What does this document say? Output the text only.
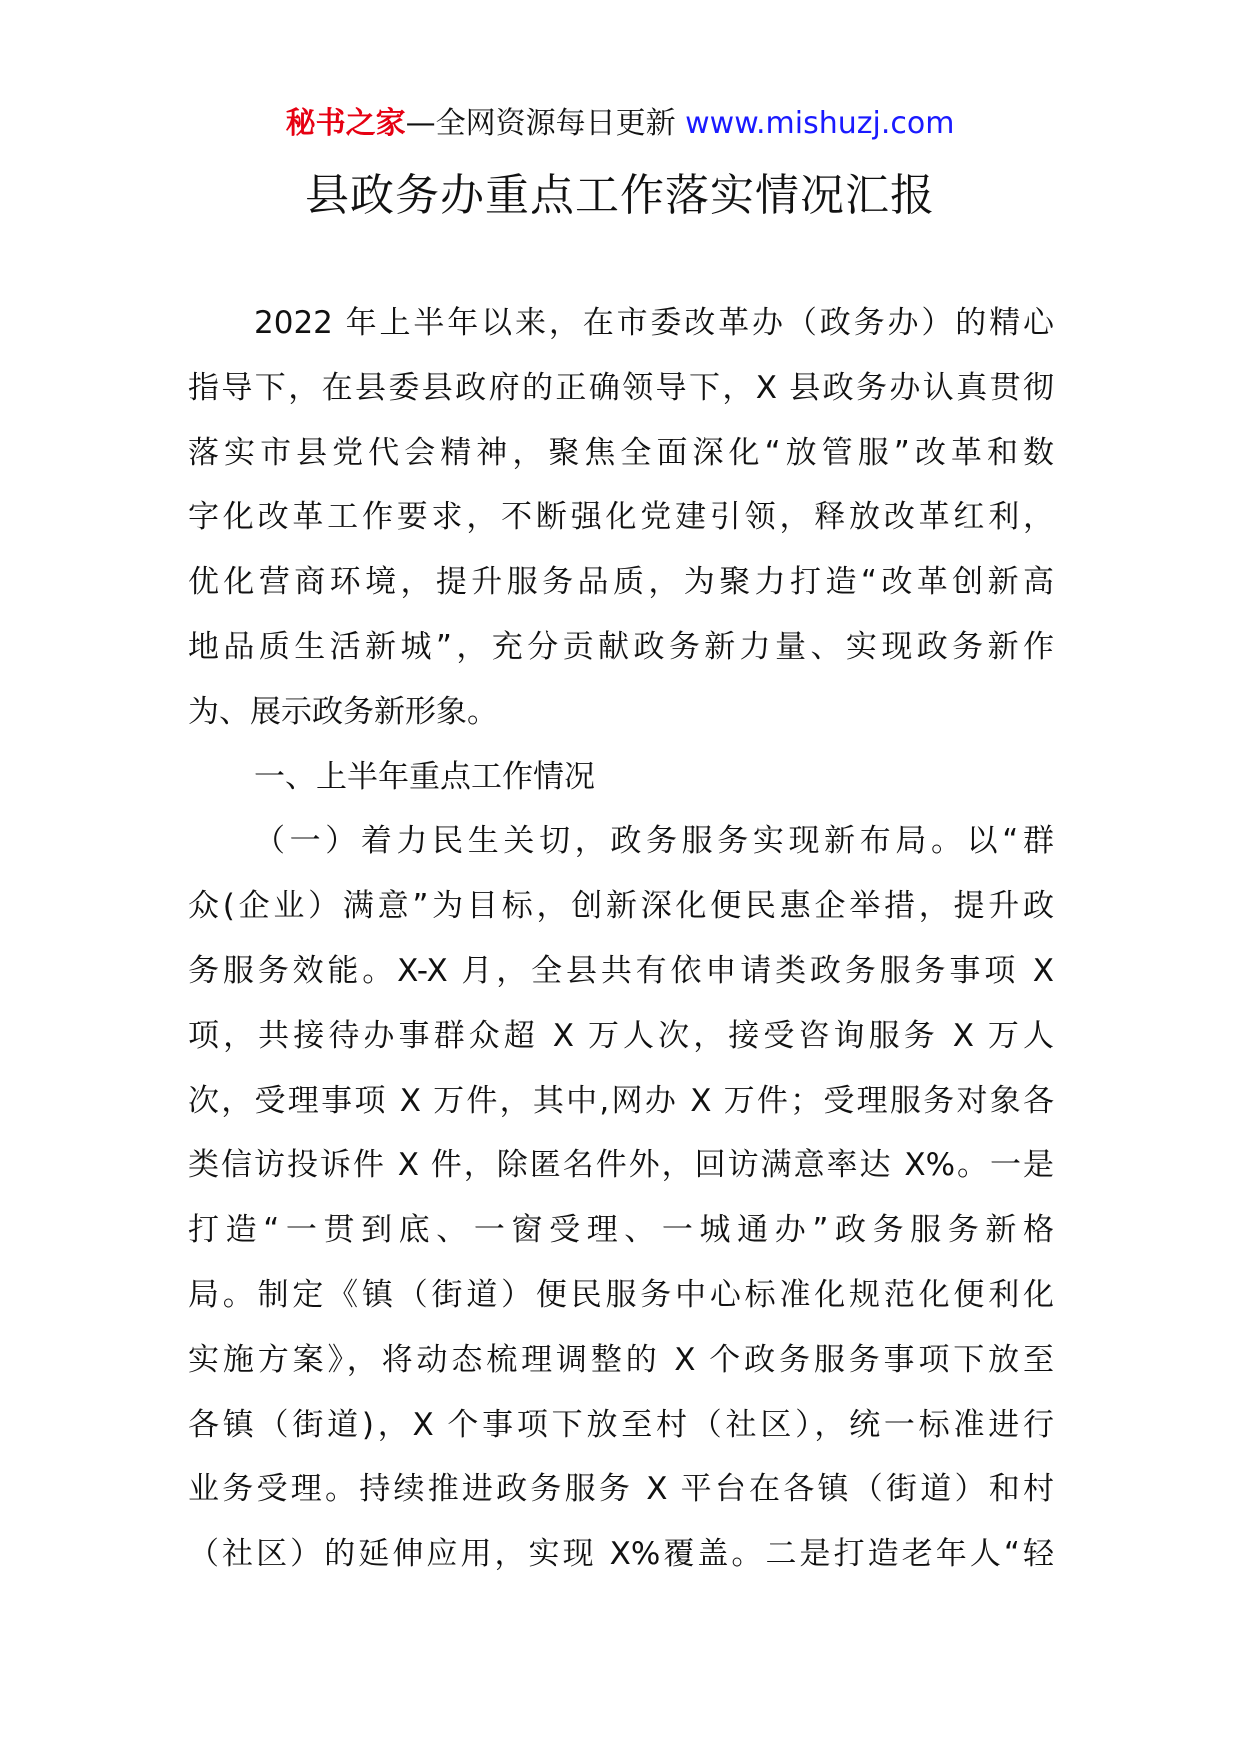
秘书之家—全网资源每日更新 www.mishuzj.com
县政务办重点工作落实情况汇报
2022 年上半年以来，在市委改革办（政务办）的精心
指导下，在县委县政府的正确领导下，X 县政务办认真贯彻
落实市县党代会精神，聚焦全面深化“放管服”改革和数
字化改革工作要求，不断强化党建引领，释放改革红利，
优化营商环境，提升服务品质，为聚力打造“改革创新高
地品质生活新城”，充分贡献政务新力量、实现政务新作
为、展示政务新形象。
一、上半年重点工作情况
（一）着力民生关切，政务服务实现新布局。以“群
众(企业）满意”为目标，创新深化便民惠企举措，提升政
务服务效能。X-X 月，全县共有依申请类政务服务事项 X
项，共接待办事群众超 X 万人次，接受咨询服务 X 万人
次，受理事项 X 万件，其中,网办 X 万件；受理服务对象各
类信访投诉件 X 件，除匿名件外，回访满意率达 X%。一是
打造“一贯到底、一窗受理、一城通办”政务服务新格
局。制定《镇（街道）便民服务中心标准化规范化便利化
实施方案》，将动态梳理调整的 X 个政务服务事项下放至
各镇（街道)，X 个事项下放至村（社区），统一标准进行
业务受理。持续推进政务服务 X 平台在各镇（街道）和村
（社区）的延伸应用，实现 X%覆盖。二是打造老年人“轻
